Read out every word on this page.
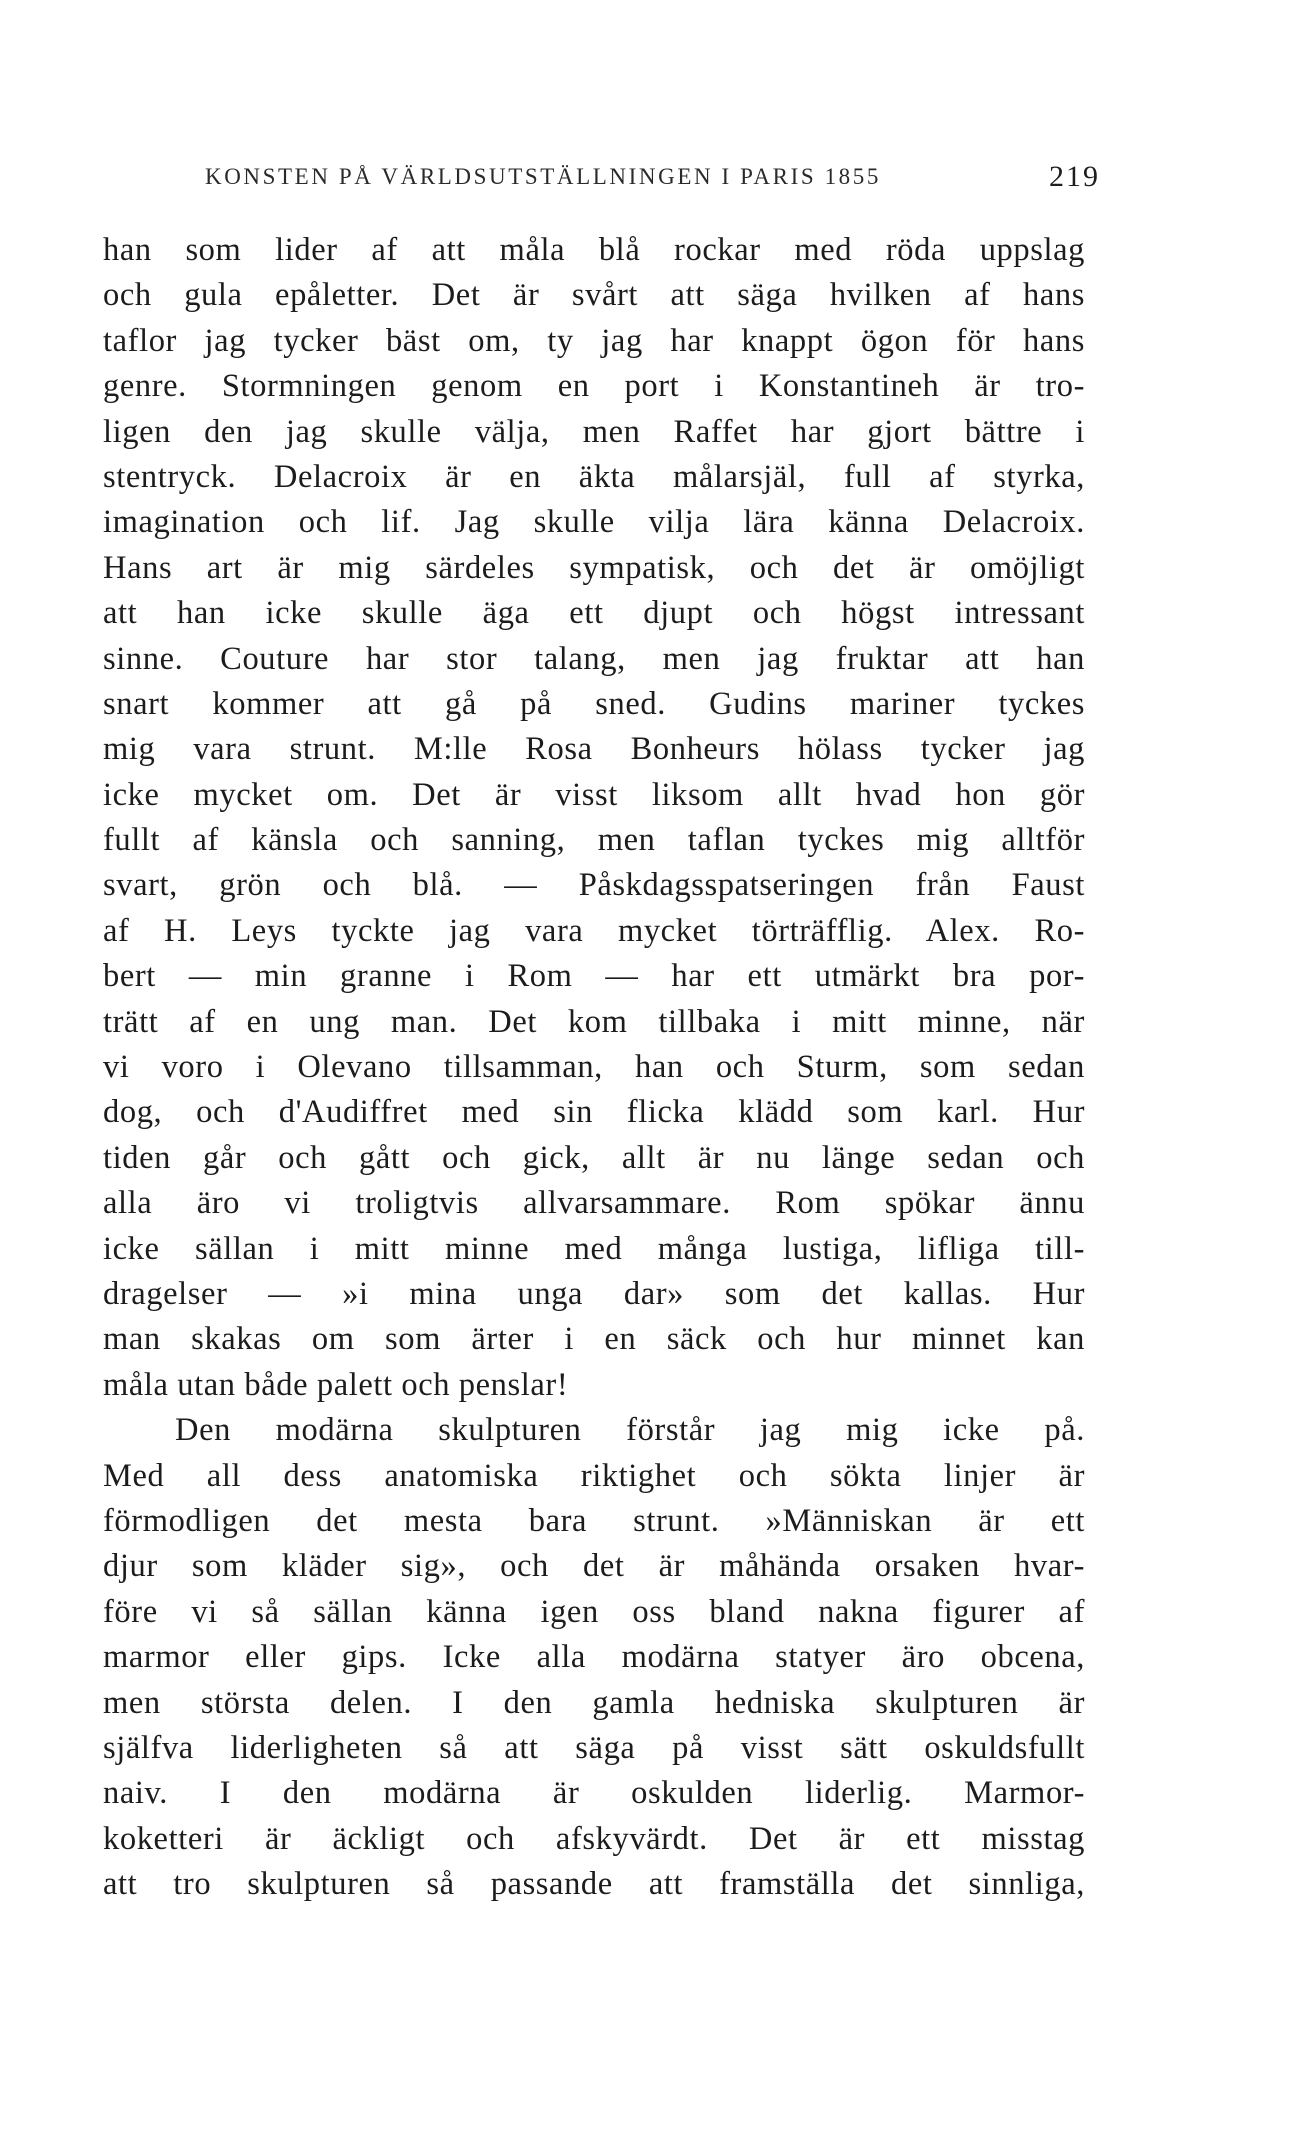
KONSTEN PÅ VÄRLDSUTSTÄLLNINGEN I PARIS 1855	219
han som lider af att måla blå rockar med röda uppslag
och gula epåletter. Det är svårt att säga hvilken af hans
taflor jag tycker bäst om, ty jag har knappt ögon för hans
genre. Stormningen genom en port i Konstantineh är tro-
ligen den jag skulle välja, men Raffet har gjort bättre i
stentryck. Delacroix är en äkta målarsjäl, full af styrka,
imagination och lif. Jag skulle vilja lära känna Delacroix.
Hans art är mig särdeles sympatisk, och det är omöjligt
att han icke skulle äga ett djupt och högst intressant
sinne. Couture har stor talang, men jag fruktar att han
snart kommer att gå på sned. Gudins mariner tyckes
mig vara strunt. M:lle Rosa Bonheurs hölass tycker jag
icke mycket om. Det är visst liksom allt hvad hon gör
fullt af känsla och sanning, men taflan tyckes mig alltför
svart, grön och blå. — Påskdagsspatseringen från Faust
af H. Leys tyckte jag vara mycket törträfflig. Alex. Ro-
bert — min granne i Rom — har ett utmärkt bra por-
trätt af en ung man. Det kom tillbaka i mitt minne, när
vi voro i Olevano tillsamman, han och Sturm, som sedan
dog, och d'Audiffret med sin flicka klädd som karl. Hur
tiden går och gått och gick, allt är nu länge sedan och
alla äro vi troligtvis allvarsammare. Rom spökar ännu
icke sällan i mitt minne med många lustiga, lifliga till-
dragelser — »i mina unga dar» som det kallas. Hur
man skakas om som ärter i en säck och hur minnet kan
måla utan både palett och penslar!
Den modärna skulpturen förstår jag mig icke på.
Med all dess anatomiska riktighet och sökta linjer är
förmodligen det mesta bara strunt. »Människan är ett
djur som kläder sig», och det är måhända orsaken hvar-
före vi så sällan känna igen oss bland nakna figurer af
marmor eller gips. Icke alla modärna statyer äro obcena,
men största delen. I den gamla hedniska skulpturen är
själfva liderligheten så att säga på visst sätt oskuldsfullt
naiv. I den modärna är oskulden liderlig. Marmor-
koketteri är äckligt och afskyvärdt. Det är ett misstag
att tro skulpturen så passande att framställa det sinnliga,
